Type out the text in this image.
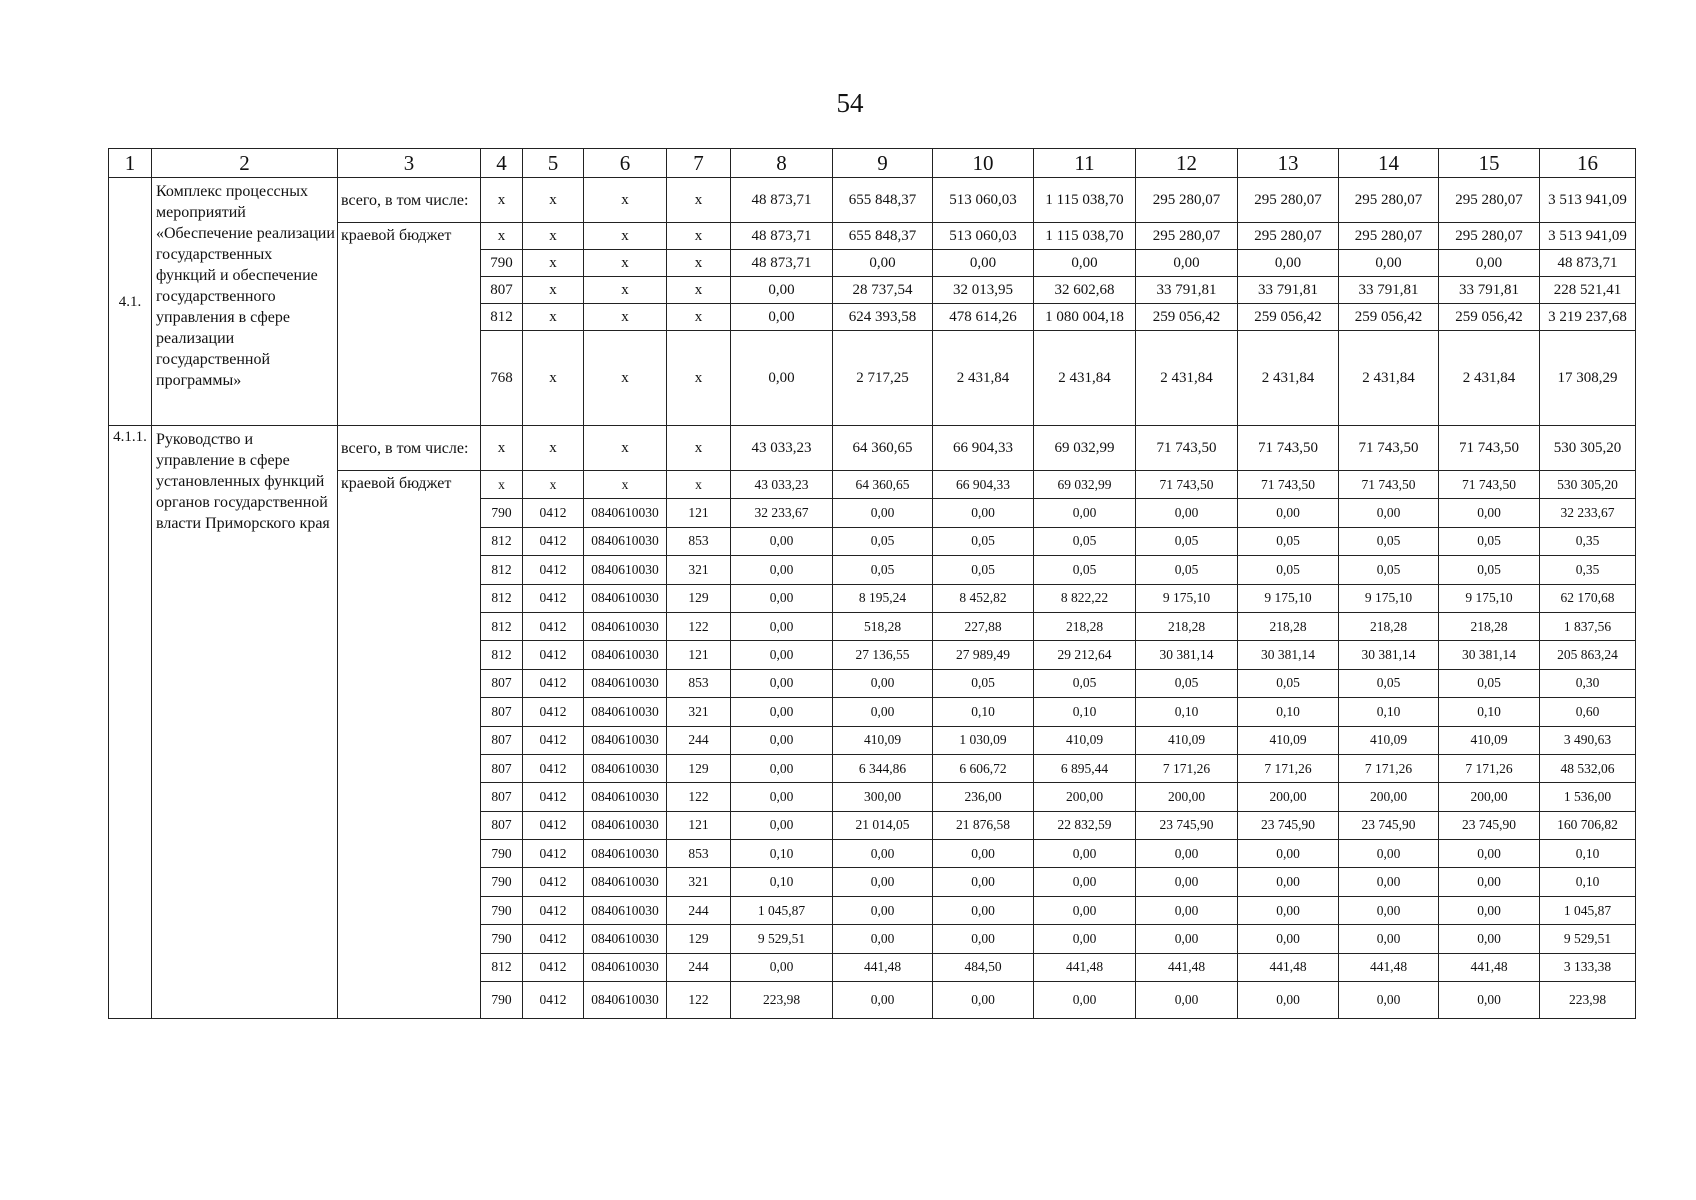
54
1	2	3	4	5	6	7	8	9	10	11	12	13	14	15	16
4.1.	Комплекс процессных мероприятий «Обеспечение реализации государственных функций и обеспечение государственного управления в сфере реализации государственной программы»	всего, в том числе:	х	х	х	х	48 873,71	655 848,37	513 060,03	1 115 038,70	295 280,07	295 280,07	295 280,07	295 280,07	3 513 941,09
		краевой бюджет	х	х	х	х	48 873,71	655 848,37	513 060,03	1 115 038,70	295 280,07	295 280,07	295 280,07	295 280,07	3 513 941,09
			790	х	х	х	48 873,71	0,00	0,00	0,00	0,00	0,00	0,00	0,00	48 873,71
			807	х	х	х	0,00	28 737,54	32 013,95	32 602,68	33 791,81	33 791,81	33 791,81	33 791,81	228 521,41
			812	х	х	х	0,00	624 393,58	478 614,26	1 080 004,18	259 056,42	259 056,42	259 056,42	259 056,42	3 219 237,68
			768	х	х	х	0,00	2 717,25	2 431,84	2 431,84	2 431,84	2 431,84	2 431,84	2 431,84	17 308,29
4.1.1.	Руководство и управление в сфере установленных функций органов государственной власти Приморского края	всего, в том числе:	х	х	х	х	43 033,23	64 360,65	66 904,33	69 032,99	71 743,50	71 743,50	71 743,50	71 743,50	530 305,20
		краевой бюджет	х	х	х	х	43 033,23	64 360,65	66 904,33	69 032,99	71 743,50	71 743,50	71 743,50	71 743,50	530 305,20
			790	0412	0840610030	121	32 233,67	0,00	0,00	0,00	0,00	0,00	0,00	0,00	32 233,67
			812	0412	0840610030	853	0,00	0,05	0,05	0,05	0,05	0,05	0,05	0,05	0,35
			812	0412	0840610030	321	0,00	0,05	0,05	0,05	0,05	0,05	0,05	0,05	0,35
			812	0412	0840610030	129	0,00	8 195,24	8 452,82	8 822,22	9 175,10	9 175,10	9 175,10	9 175,10	62 170,68
			812	0412	0840610030	122	0,00	518,28	227,88	218,28	218,28	218,28	218,28	218,28	1 837,56
			812	0412	0840610030	121	0,00	27 136,55	27 989,49	29 212,64	30 381,14	30 381,14	30 381,14	30 381,14	205 863,24
			807	0412	0840610030	853	0,00	0,00	0,05	0,05	0,05	0,05	0,05	0,05	0,30
			807	0412	0840610030	321	0,00	0,00	0,10	0,10	0,10	0,10	0,10	0,10	0,60
			807	0412	0840610030	244	0,00	410,09	1 030,09	410,09	410,09	410,09	410,09	410,09	3 490,63
			807	0412	0840610030	129	0,00	6 344,86	6 606,72	6 895,44	7 171,26	7 171,26	7 171,26	7 171,26	48 532,06
			807	0412	0840610030	122	0,00	300,00	236,00	200,00	200,00	200,00	200,00	200,00	1 536,00
			807	0412	0840610030	121	0,00	21 014,05	21 876,58	22 832,59	23 745,90	23 745,90	23 745,90	23 745,90	160 706,82
			790	0412	0840610030	853	0,10	0,00	0,00	0,00	0,00	0,00	0,00	0,00	0,10
			790	0412	0840610030	321	0,10	0,00	0,00	0,00	0,00	0,00	0,00	0,00	0,10
			790	0412	0840610030	244	1 045,87	0,00	0,00	0,00	0,00	0,00	0,00	0,00	1 045,87
			790	0412	0840610030	129	9 529,51	0,00	0,00	0,00	0,00	0,00	0,00	0,00	9 529,51
			812	0412	0840610030	244	0,00	441,48	484,50	441,48	441,48	441,48	441,48	441,48	3 133,38
			790	0412	0840610030	122	223,98	0,00	0,00	0,00	0,00	0,00	0,00	0,00	223,98
